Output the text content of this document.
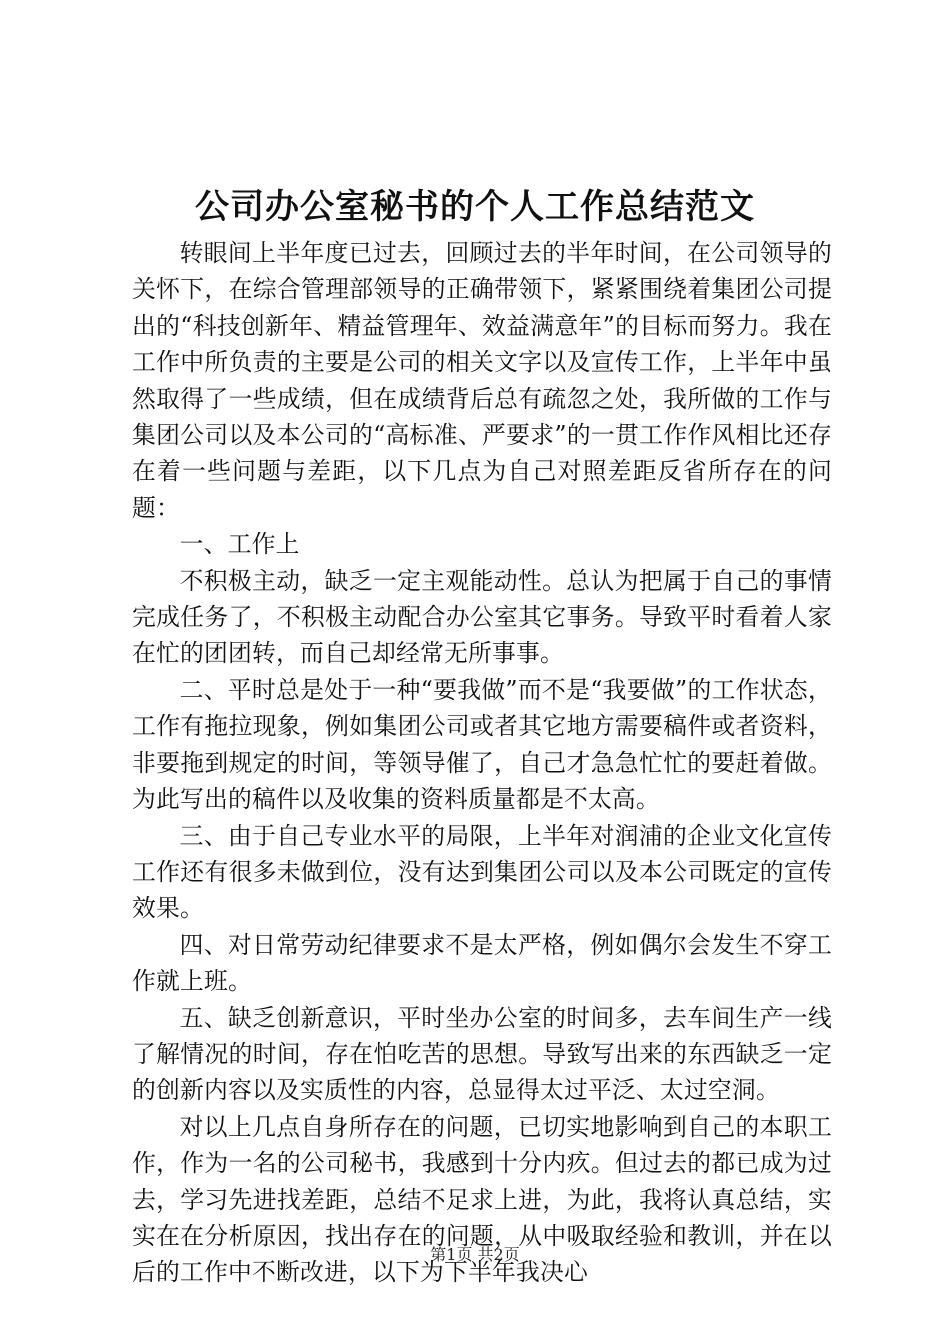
公司办公室秘书的个人工作总结范文

转眼间上半年度已过去，回顾过去的半年时间，在公司领导的关怀下，在综合管理部领导的正确带领下，紧紧围绕着集团公司提出的“科技创新年、精益管理年、效益满意年”的目标而努力。我在工作中所负责的主要是公司的相关文字以及宣传工作，上半年中虽然取得了一些成绩，但在成绩背后总有疏忽之处，我所做的工作与集团公司以及本公司的“高标准、严要求”的一贯工作作风相比还存在着一些问题与差距，以下几点为自己对照差距反省所存在的问题：

一、工作上

不积极主动，缺乏一定主观能动性。总认为把属于自己的事情完成任务了，不积极主动配合办公室其它事务。导致平时看着人家在忙的团团转，而自己却经常无所事事。

二、平时总是处于一种“要我做”而不是“我要做”的工作状态，工作有拖拉现象，例如集团公司或者其它地方需要稿件或者资料，非要拖到规定的时间，等领导催了，自己才急急忙忙的要赶着做。为此写出的稿件以及收集的资料质量都是不太高。

三、由于自己专业水平的局限，上半年对润浦的企业文化宣传工作还有很多未做到位，没有达到集团公司以及本公司既定的宣传效果。

四、对日常劳动纪律要求不是太严格，例如偶尔会发生不穿工作就上班。

五、缺乏创新意识，平时坐办公室的时间多，去车间生产一线了解情况的时间，存在怕吃苦的思想。导致写出来的东西缺乏一定的创新内容以及实质性的内容，总显得太过平泛、太过空洞。

对以上几点自身所存在的问题，已切实地影响到自己的本职工作，作为一名的公司秘书，我感到十分内疚。但过去的都已成为过去，学习先进找差距，总结不足求上进，为此，我将认真总结，实实在在分析原因，找出存在的问题，从中吸取经验和教训，并在以后的工作中不断改进，以下为下半年我决心

第1页 共2页
